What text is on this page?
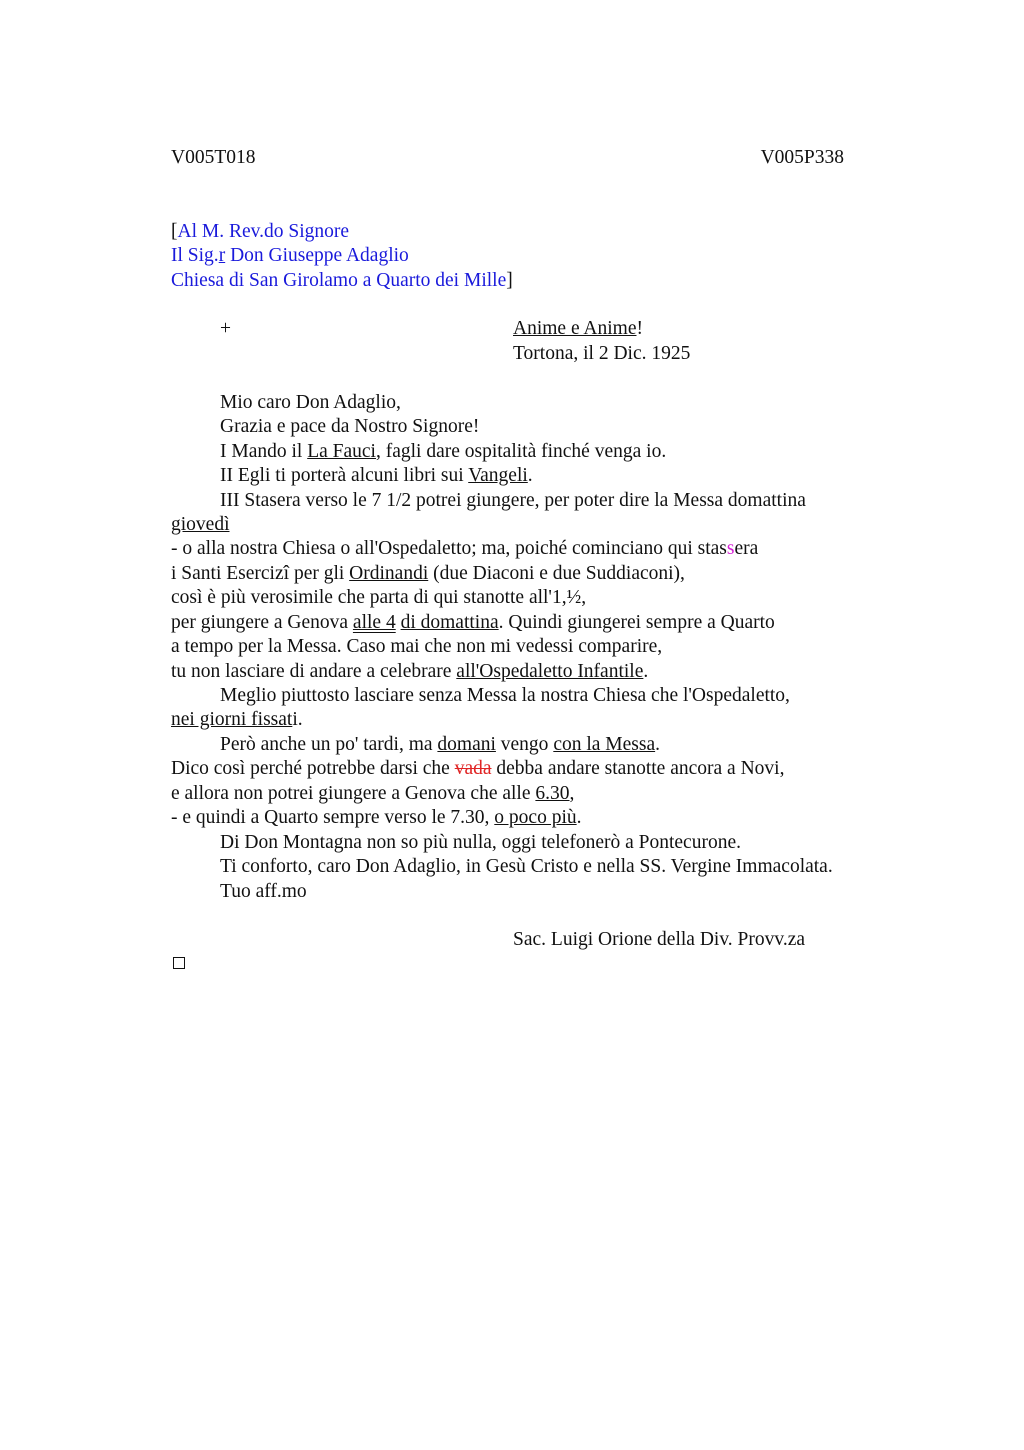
V005T018	V005P338
[Al M. Rev.do Signore
Il Sig.r Don Giuseppe Adaglio
Chiesa di San Girolamo a Quarto dei Mille]
+	Anime e Anime!
Tortona, il 2 Dic. 1925
Mio caro Don Adaglio,
Grazia e pace da Nostro Signore!
I Mando il La Fauci, fagli dare ospitalità finché venga io.
II Egli ti porterà alcuni libri sui Vangeli.
III Stasera verso le 7 1/2 potrei giungere, per poter dire la Messa domattina
giovedì
- o alla nostra Chiesa o all'Ospedaletto; ma, poiché cominciano qui stassera
i Santi Esercizi per gli Ordinandi (due Diaconi e due Suddiaconi),
così è più verosimile che parta di qui stanotte all'1,½,
per giungere a Genova alle 4 di domattina. Quindi giungerei sempre a Quarto
a tempo per la Messa. Caso mai che non mi vedessi comparire,
tu non lasciare di andare a celebrare all'Ospedaletto Infantile.
Meglio piuttosto lasciare senza Messa la nostra Chiesa che l'Ospedaletto,
nei giorni fissati.
Però anche un po' tardi, ma domani vengo con la Messa.
Dico così perché potrebbe darsi che vada debba andare stanotte ancora a Novi,
e allora non potrei giungere a Genova che alle 6.30,
- e quindi a Quarto sempre verso le 7.30, o poco più.
Di Don Montagna non so più nulla, oggi telefonerò a Pontecurone.
Ti conforto, caro Don Adaglio, in Gesù Cristo e nella SS. Vergine Immacolata.
Tuo aff.mo
Sac. Luigi Orione della Div. Provv.za
